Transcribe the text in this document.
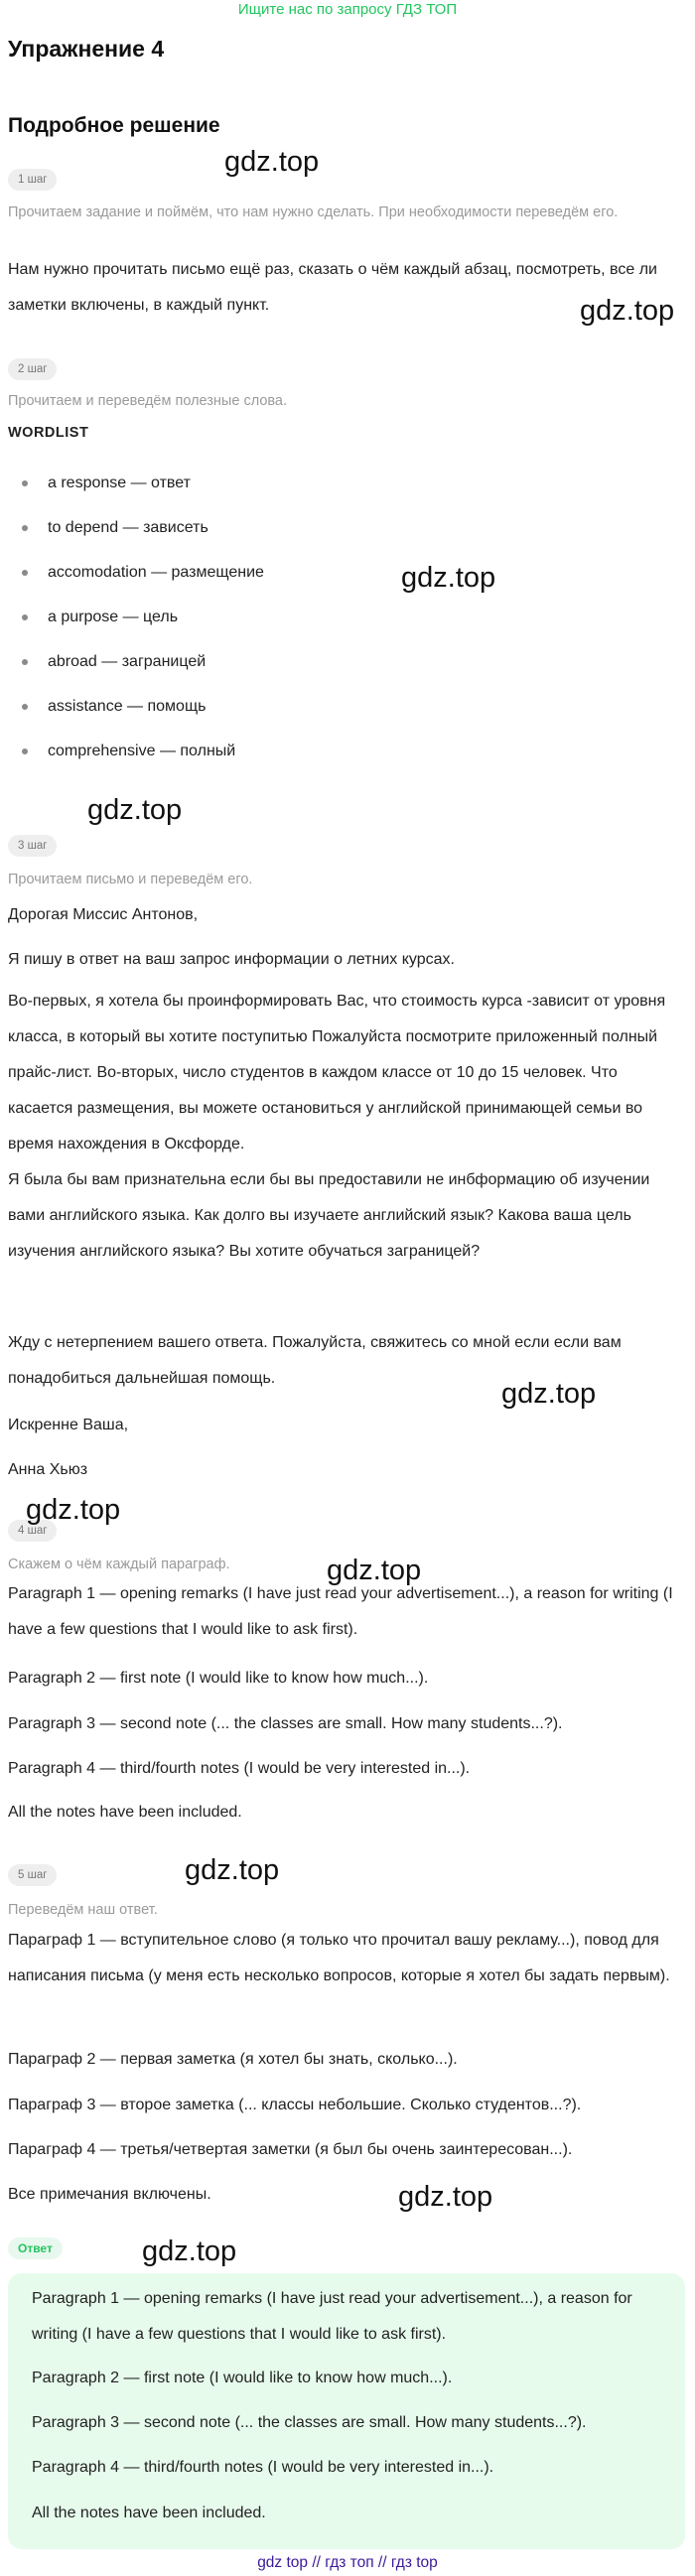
Ищите нас по запросу ГДЗ ТОП
Упражнение 4
Подробное решение
1 шаг
Прочитаем задание и поймём, что нам нужно сделать. При необходимости переведём его.
Нам нужно прочитать письмо ещё раз, сказать о чём каждый абзац, посмотреть, все ли заметки включены, в каждый пункт.
2 шаг
Прочитаем и переведём полезные слова.
WORDLIST
a response — ответ
to depend — зависеть
accomodation — размещение
a purpose — цель
abroad — заграницей
assistance — помощь
comprehensive — полный
3 шаг
Прочитаем письмо и переведём его.
Дорогая Миссис Антонов,
Я пишу в ответ на ваш запрос информации о летних курсах.
Во-первых, я хотела бы проинформировать Вас, что стоимость курса -зависит от уровня класса, в который вы хотите поступитью Пожалуйста посмотрите приложенный полный прайс-лист. Во-вторых, число студентов в каждом классе от 10 до 15 человек. Что касается размещения, вы можете остановиться у английской принимающей семьи во время нахождения в Оксфорде.
Я была бы вам признательна если бы вы предоставили не инбформацию об изучении вами английского языка. Как долго вы изучаете английский язык? Какова ваша цель изучения английского языка? Вы хотите обучаться заграницей?
Жду с нетерпением вашего ответа. Пожалуйста, свяжитесь со мной если если вам понадобиться дальнейшая помощь.
Искренне Ваша,
Анна Хьюз
4 шаг
Скажем о чём каждый параграф.
Paragraph 1 — opening remarks (I have just read your advertisement...), a reason for writing (I have a few questions that I would like to ask first).
Paragraph 2 — first note (I would like to know how much...).
Paragraph 3 — second note (... the classes are small. How many students...?).
Paragraph 4 — third/fourth notes (I would be very interested in...).
All the notes have been included.
5 шаг
Переведём наш ответ.
Параграф 1 — вступительное слово (я только что прочитал вашу рекламу...), повод для написания письма (у меня есть несколько вопросов, которые я хотел бы задать первым).
Параграф 2 — первая заметка (я хотел бы знать, сколько...).
Параграф 3 — второе заметка (... классы небольшие. Сколько студентов...?).
Параграф 4 — третья/четвертая заметки (я был бы очень заинтересован...).
Все примечания включены.
Ответ
Paragraph 1 — opening remarks (I have just read your advertisement...), a reason for writing (I have a few questions that I would like to ask first).
Paragraph 2 — first note (I would like to know how much...).
Paragraph 3 — second note (... the classes are small. How many students...?).
Paragraph 4 — third/fourth notes (I would be very interested in...).
All the notes have been included.
gdz.top
gdz.top
gdz.top
gdz.top
gdz.top
gdz.top
gdz.top
gdz.top
gdz.top
gdz.top
gdz top // гдз топ // гдз top
